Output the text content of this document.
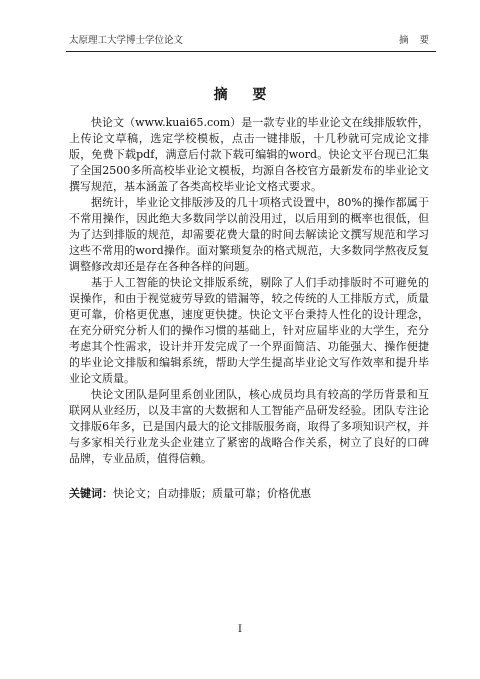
太原理工大学博士学位论文	摘 要
摘 要

快论文（www.kuai65.com）是一款专业的毕业论文在线排版软件，上传论文草稿，选定学校模板，点击一键排版，十几秒就可完成论文排版，免费下载pdf，满意后付款下载可编辑的word。快论文平台现已汇集了全国2500多所高校毕业论文模板，均源自各校官方最新发布的毕业论文撰写规范，基本涵盖了各类高校毕业论文格式要求。

据统计，毕业论文排版涉及的几十项格式设置中，80%的操作都属于不常用操作，因此绝大多数同学以前没用过，以后用到的概率也很低，但为了达到排版的规范，却需要花费大量的时间去解读论文撰写规范和学习这些不常用的word操作。面对繁琐复杂的格式规范，大多数同学熬夜反复调整修改却还是存在各种各样的问题。

基于人工智能的快论文排版系统，剔除了人们手动排版时不可避免的误操作，和由于视觉疲劳导致的错漏等，较之传统的人工排版方式，质量更可靠，价格更优惠，速度更快捷。快论文平台秉持人性化的设计理念，在充分研究分析人们的操作习惯的基础上，针对应届毕业的大学生，充分考虑其个性需求，设计并开发完成了一个界面简洁、功能强大、操作便捷的毕业论文排版和编辑系统，帮助大学生提高毕业论文写作效率和提升毕业论文质量。

快论文团队是阿里系创业团队，核心成员均具有较高的学历背景和互联网从业经历，以及丰富的大数据和人工智能产品研发经验。团队专注论文排版6年多，已是国内最大的论文排版服务商，取得了多项知识产权，并与多家相关行业龙头企业建立了紧密的战略合作关系，树立了良好的口碑品牌，专业品质，值得信赖。

关键词：快论文；自动排版；质量可靠；价格优惠
I
